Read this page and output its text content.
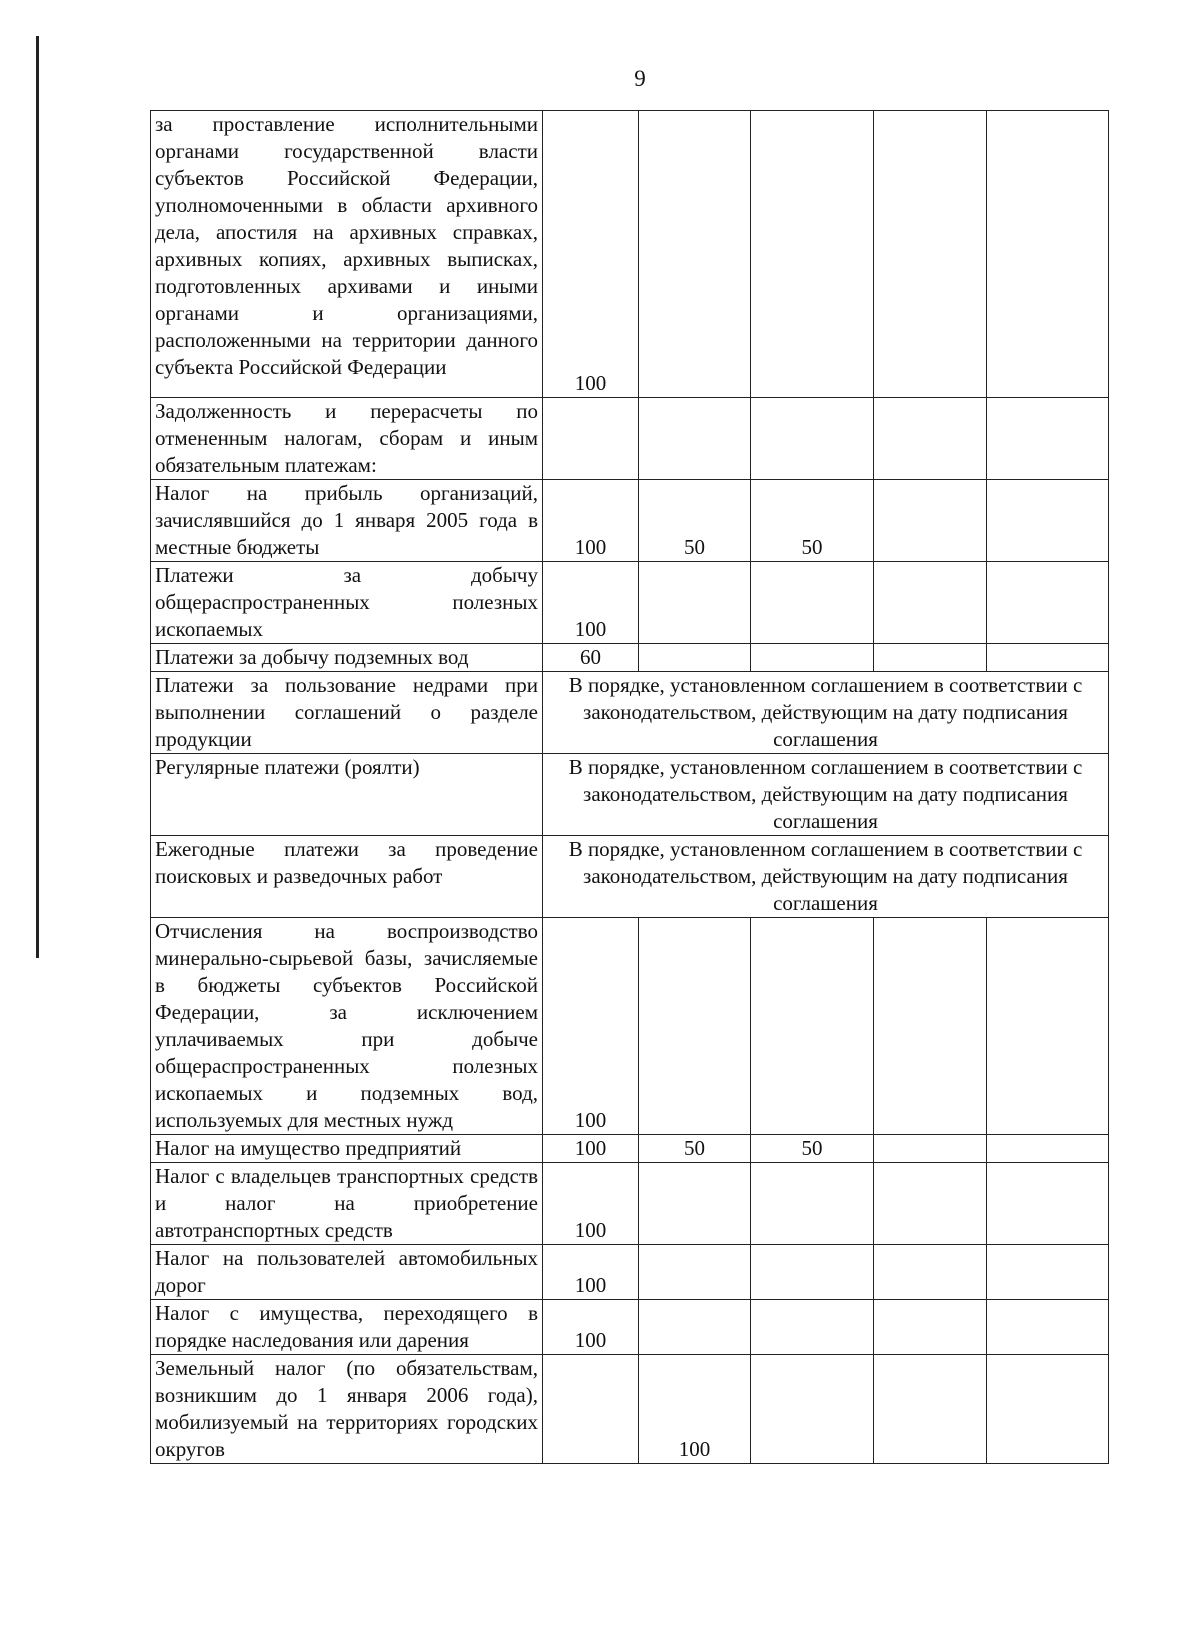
9
за проставление исполнительными органами государственной власти субъектов Российской Федерации, уполномоченными в области архивного дела, апостиля на архивных справках, архивных копиях, архивных выписках, подготовленных архивами и иными органами и организациями, расположенными на территории данного субъекта Российской Федерации	100				
Задолженность и перерасчеты по отмененным налогам, сборам и иным обязательным платежам:					
Налог на прибыль организаций, зачислявшийся до 1 января 2005 года в местные бюджеты	100	50	50		
Платежи за добычу общераспространенных полезных ископаемых	100				
Платежи за добычу подземных вод	60				
Платежи за пользование недрами при выполнении соглашений о разделе продукции	В порядке, установленном соглашением в соответствии с законодательством, действующим на дату подписания соглашения				
Регулярные платежи (роялти)	В порядке, установленном соглашением в соответствии с законодательством, действующим на дату подписания соглашения				
Ежегодные платежи за проведение поисковых и разведочных работ	В порядке, установленном соглашением в соответствии с законодательством, действующим на дату подписания соглашения				
Отчисления на воспроизводство минерально-сырьевой базы, зачисляемые в бюджеты субъектов Российской Федерации, за исключением уплачиваемых при добыче общераспространенных полезных ископаемых и подземных вод, используемых для местных нужд	100				
Налог на имущество предприятий	100	50	50		
Налог с владельцев транспортных средств и налог на приобретение автотранспортных средств	100				
Налог на пользователей автомобильных дорог	100				
Налог с имущества, переходящего в порядке наследования или дарения	100				
Земельный налог (по обязательствам, возникшим до 1 января 2006 года), мобилизуемый на территориях городских округов		100			
